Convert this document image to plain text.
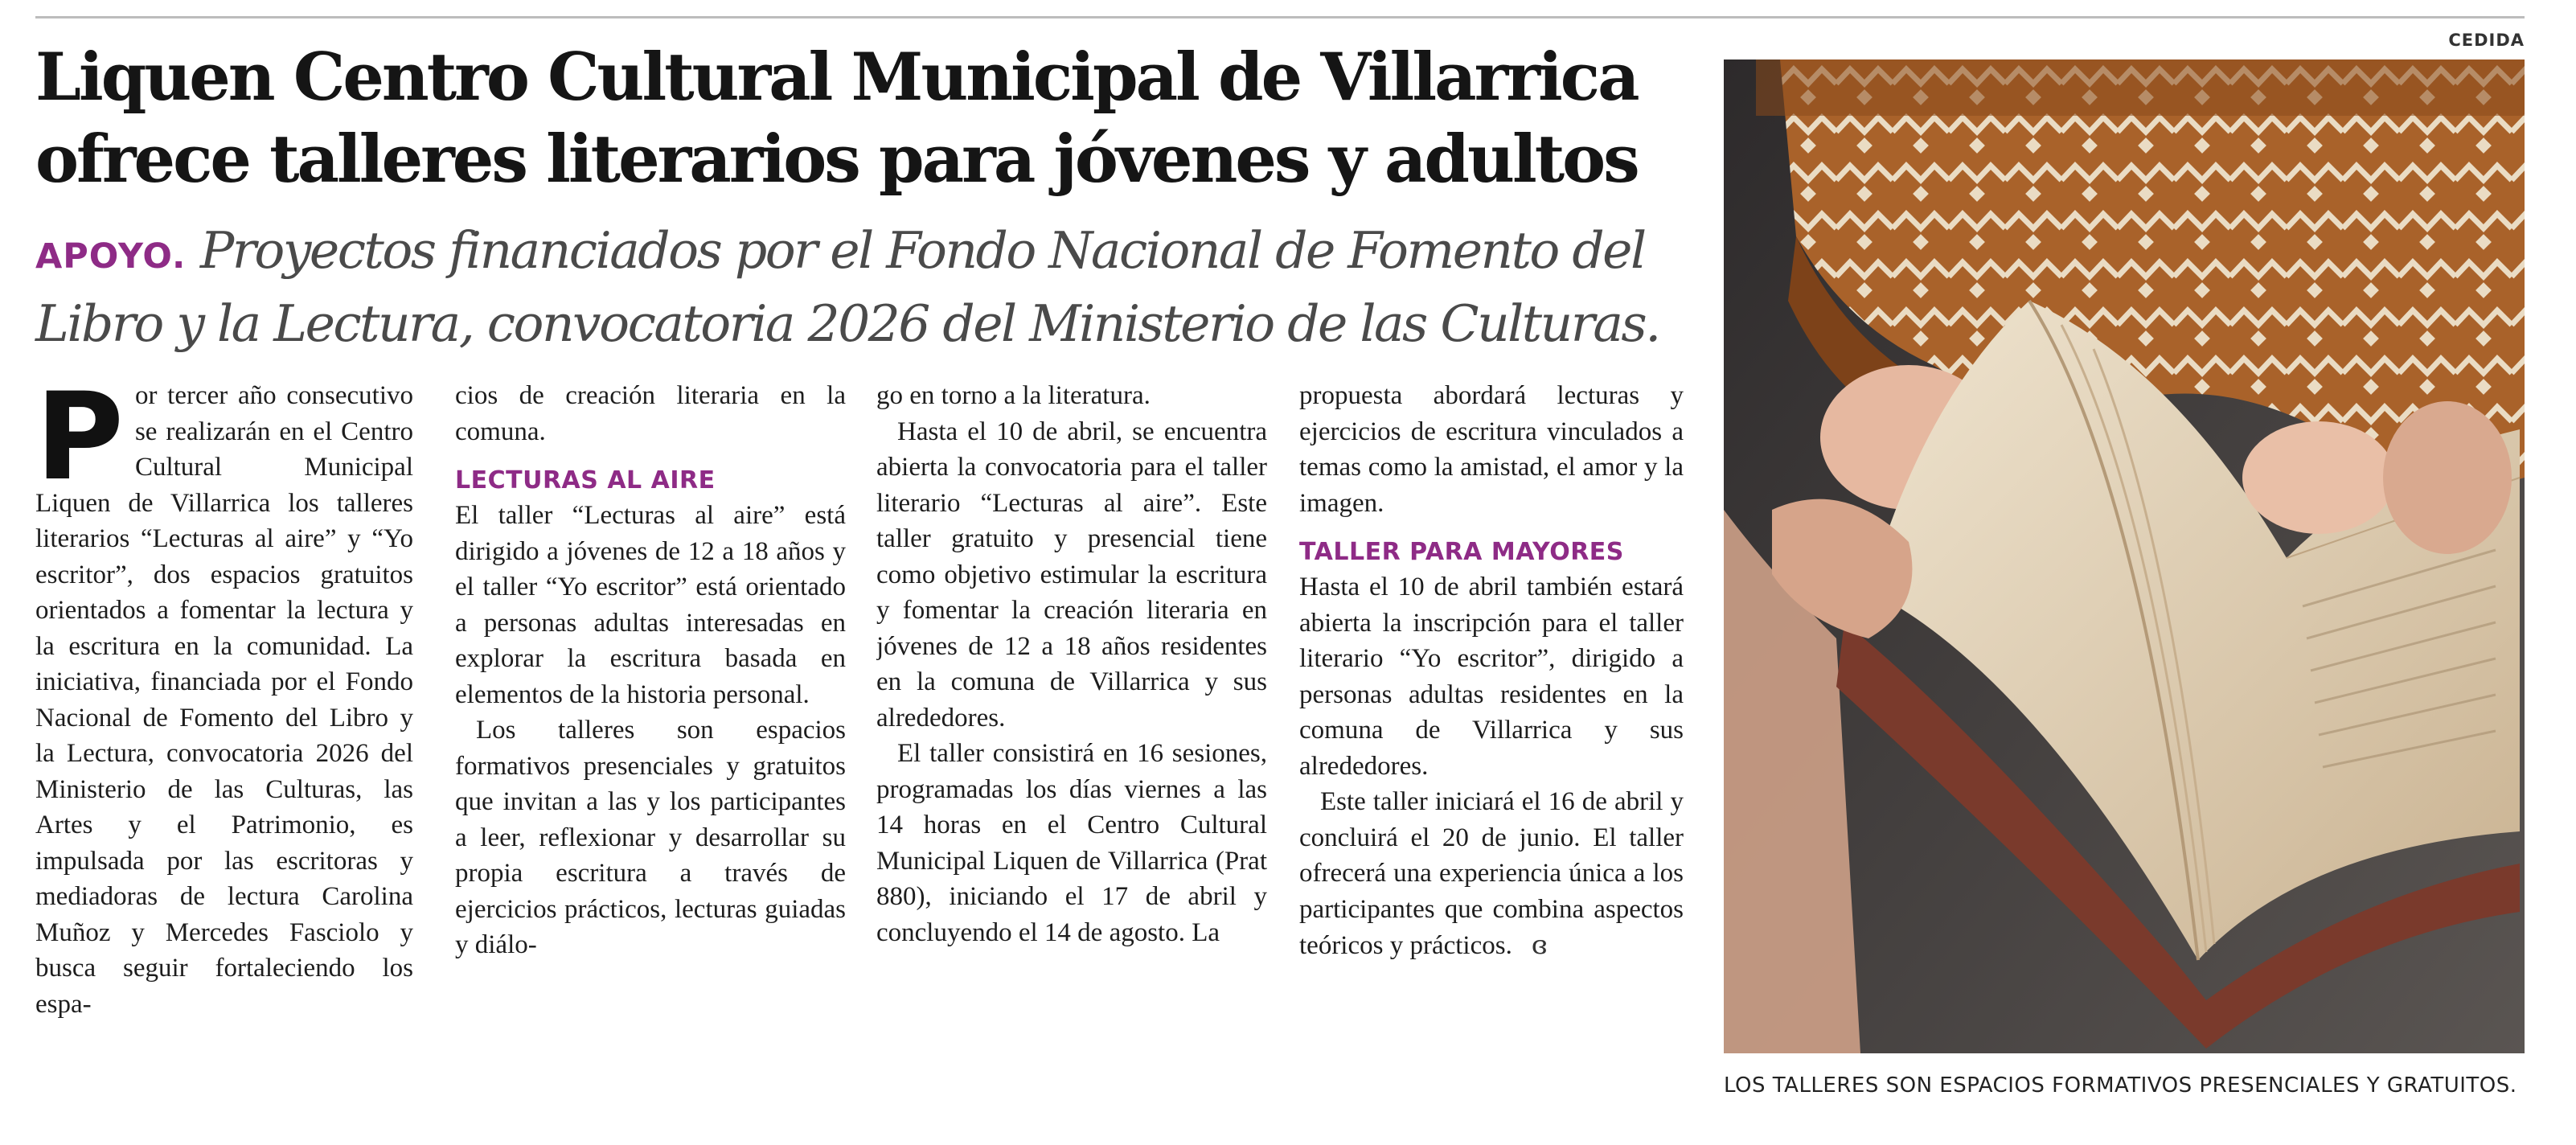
Liquen Centro Cultural Municipal de Villarrica
ofrece talleres literarios para jóvenes y adultos

APOYO. Proyectos financiados por el Fondo Nacional de Fomento del Libro y la Lectura, convocatoria 2026 del Ministerio de las Culturas.

Por tercer año consecutivo se realizarán en el Centro Cultural Municipal Liquen de Villarrica los talleres literarios “Lecturas al aire” y “Yo escritor”, dos espacios gratuitos orientados a fomentar la lectura y la escritura en la comunidad. La iniciativa, financiada por el Fondo Nacional de Fomento del Libro y la Lectura, convocatoria 2026 del Ministerio de las Culturas, las Artes y el Patrimonio, es impulsada por las escritoras y mediadoras de lectura Carolina Muñoz y Mercedes Fasciolo y busca seguir fortaleciendo los espa-

cios de creación literaria en la comuna.

LECTURAS AL AIRE

El taller “Lecturas al aire” está dirigido a jóvenes de 12 a 18 años y el taller “Yo escritor” está orientado a personas adultas interesadas en explorar la escritura basada en elementos de la historia personal.

Los talleres son espacios formativos presenciales y gratuitos que invitan a las y los participantes a leer, reflexionar y desarrollar su propia escritura a través de ejercicios prácticos, lecturas guiadas y diálo-

go en torno a la literatura.

Hasta el 10 de abril, se encuentra abierta la convocatoria para el taller literario “Lecturas al aire”. Este taller gratuito y presencial tiene como objetivo estimular la escritura y fomentar la creación literaria en jóvenes de 12 a 18 años residentes en la comuna de Villarrica y sus alrededores.

El taller consistirá en 16 sesiones, programadas los días viernes a las 14 horas en el Centro Cultural Municipal Liquen de Villarrica (Prat 880), iniciando el 17 de abril y concluyendo el 14 de agosto. La

propuesta abordará lecturas y ejercicios de escritura vinculados a temas como la amistad, el amor y la imagen.

TALLER PARA MAYORES

Hasta el 10 de abril también estará abierta la inscripción para el taller literario “Yo escritor”, dirigido a personas adultas residentes en la comuna de Villarrica y sus alrededores.

Este taller iniciará el 16 de abril y concluirá el 20 de junio. El taller ofrecerá una experiencia única a los participantes que combina aspectos teóricos y prácticos. ɞ

CEDIDA
LOS TALLERES SON ESPACIOS FORMATIVOS PRESENCIALES Y GRATUITOS.
